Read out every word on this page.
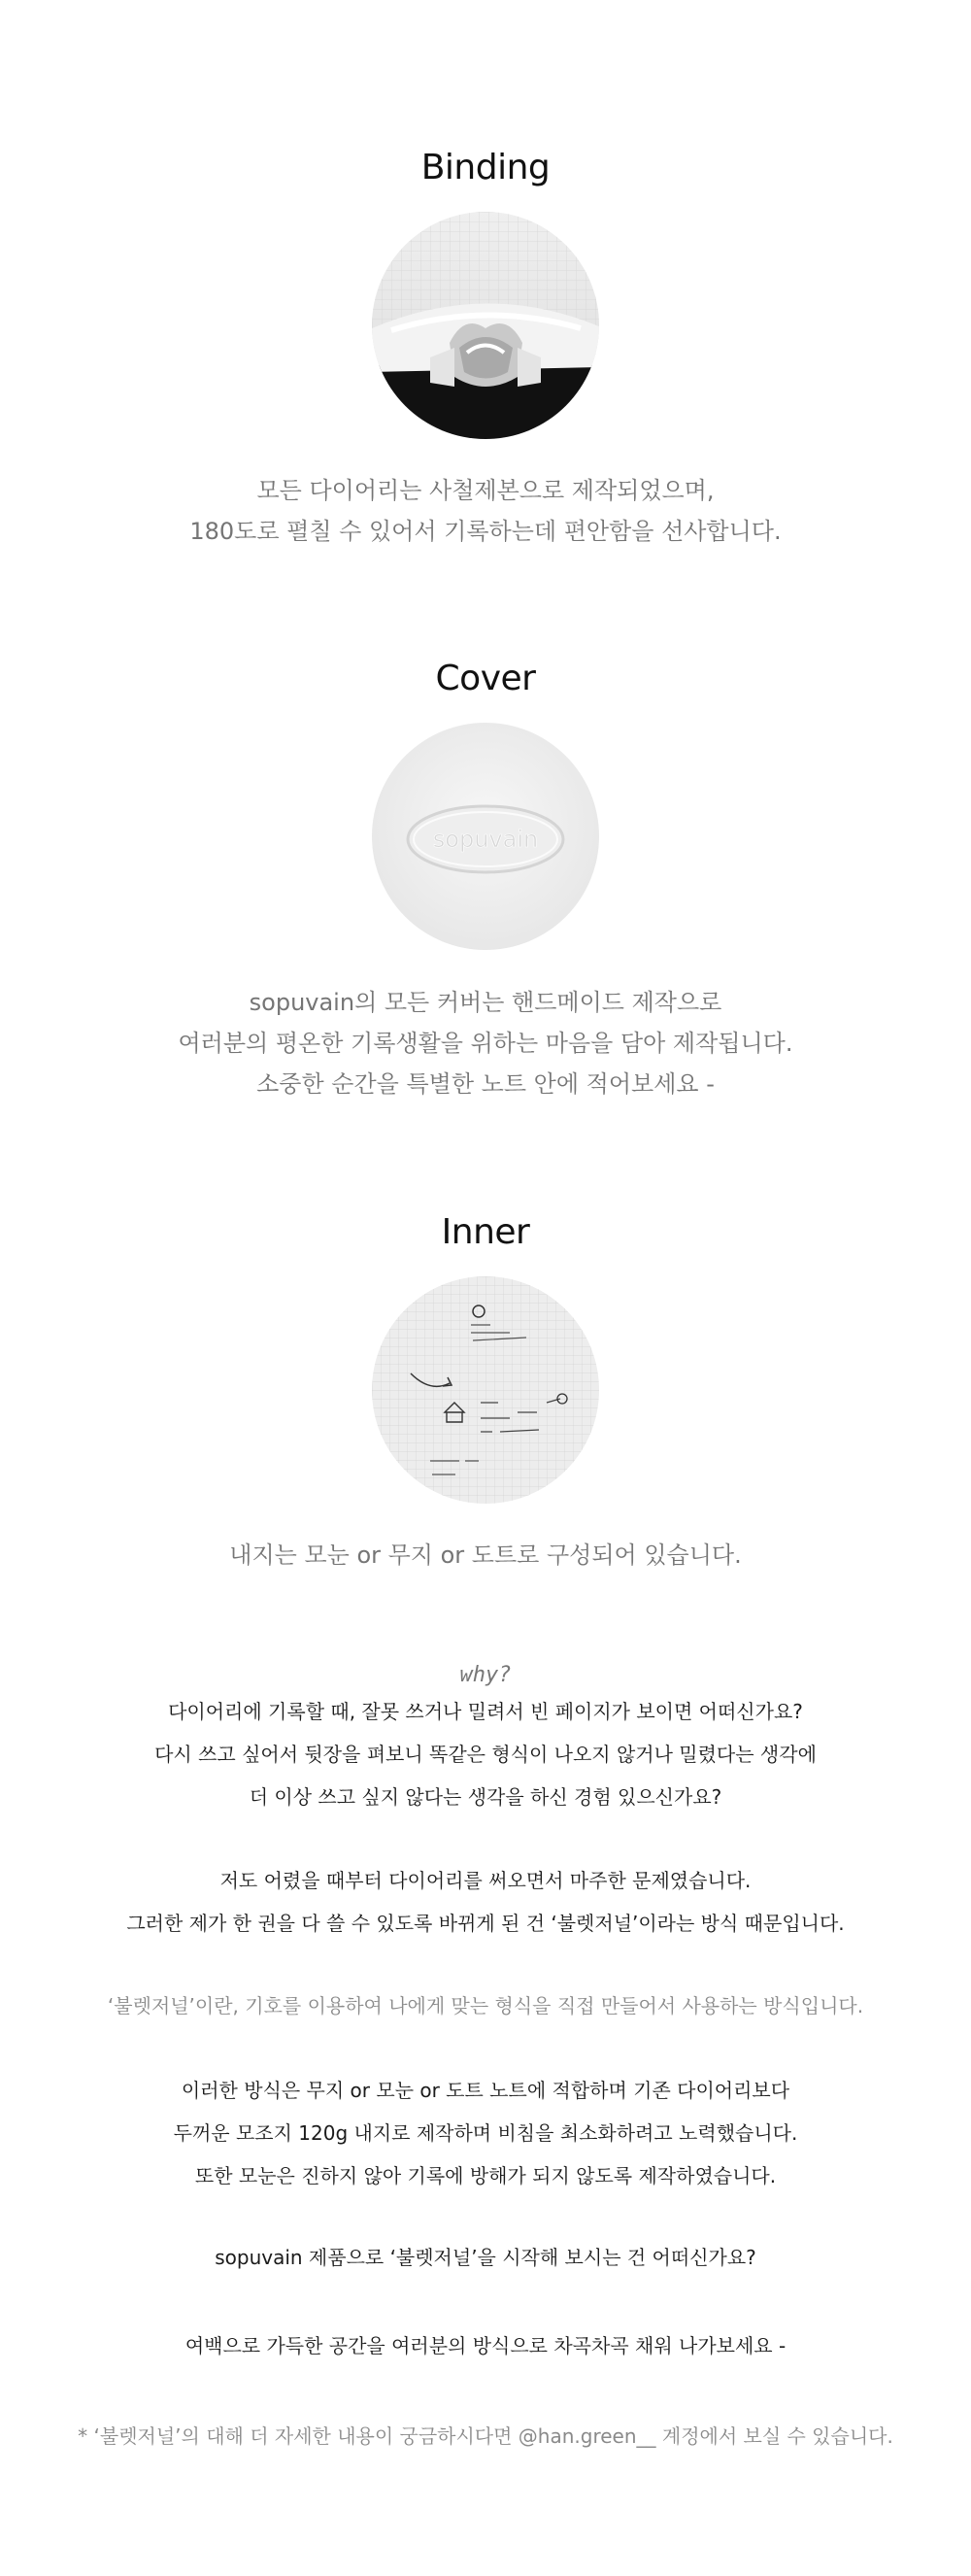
Binding
모든 다이어리는 사철제본으로 제작되었으며,
180도로 펼칠 수 있어서 기록하는데 편안함을 선사합니다.
Cover
sopuvain
sopuvain의 모든 커버는 핸드메이드 제작으로
여러분의 평온한 기록생활을 위하는 마음을 담아 제작됩니다.
소중한 순간을 특별한 노트 안에 적어보세요 -
Inner
내지는 모눈 or 무지 or 도트로 구성되어 있습니다.
why?
다이어리에 기록할 때, 잘못 쓰거나 밀려서 빈 페이지가 보이면 어떠신가요?
다시 쓰고 싶어서 뒷장을 펴보니 똑같은 형식이 나오지 않거나 밀렸다는 생각에
더 이상 쓰고 싶지 않다는 생각을 하신 경험 있으신가요?
저도 어렸을 때부터 다이어리를 써오면서 마주한 문제였습니다.
그러한 제가 한 권을 다 쓸 수 있도록 바뀌게 된 건 ‘불렛저널’이라는 방식 때문입니다.
‘불렛저널’이란, 기호를 이용하여 나에게 맞는 형식을 직접 만들어서 사용하는 방식입니다.
이러한 방식은 무지 or 모눈 or 도트 노트에 적합하며 기존 다이어리보다
두꺼운 모조지 120g 내지로 제작하며 비침을 최소화하려고 노력했습니다.
또한 모눈은 진하지 않아 기록에 방해가 되지 않도록 제작하였습니다.
sopuvain 제품으로 ‘불렛저널’을 시작해 보시는 건 어떠신가요?
여백으로 가득한 공간을 여러분의 방식으로 차곡차곡 채워 나가보세요 -
* ‘불렛저널’의 대해 더 자세한 내용이 궁금하시다면 @han.green__ 계정에서 보실 수 있습니다.
